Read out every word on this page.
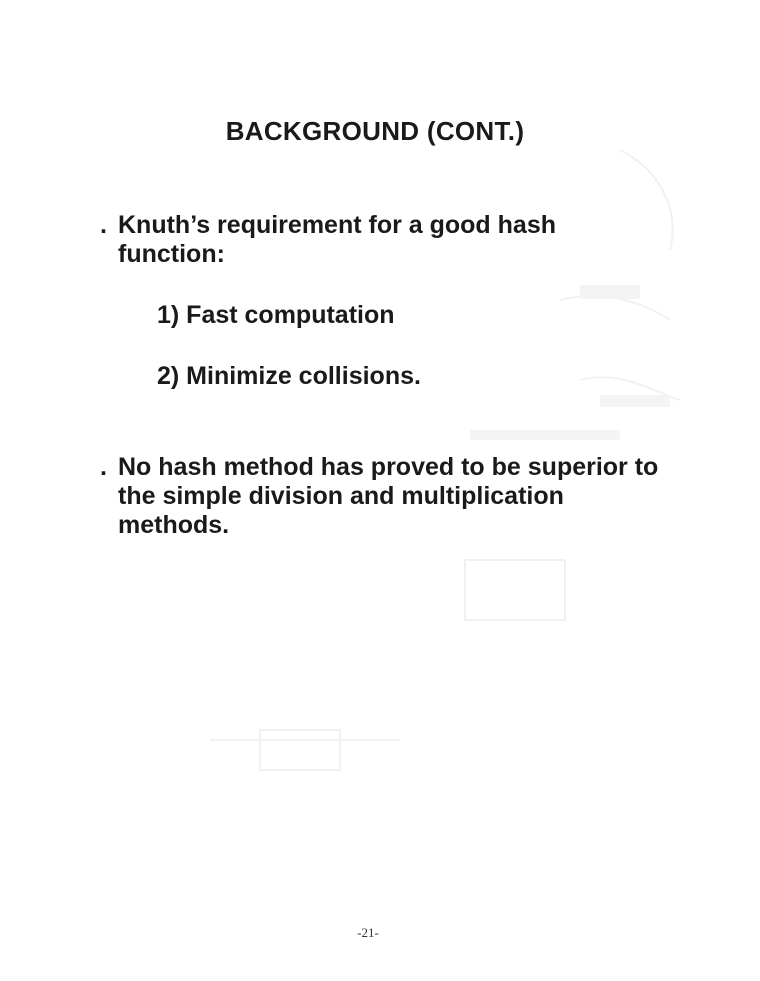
BACKGROUND (CONT.)
. Knuth’s requirement for a good hash function:
1) Fast computation
2) Minimize collisions.
. No hash method has proved to be superior to the simple division and multiplication methods.
-21-
